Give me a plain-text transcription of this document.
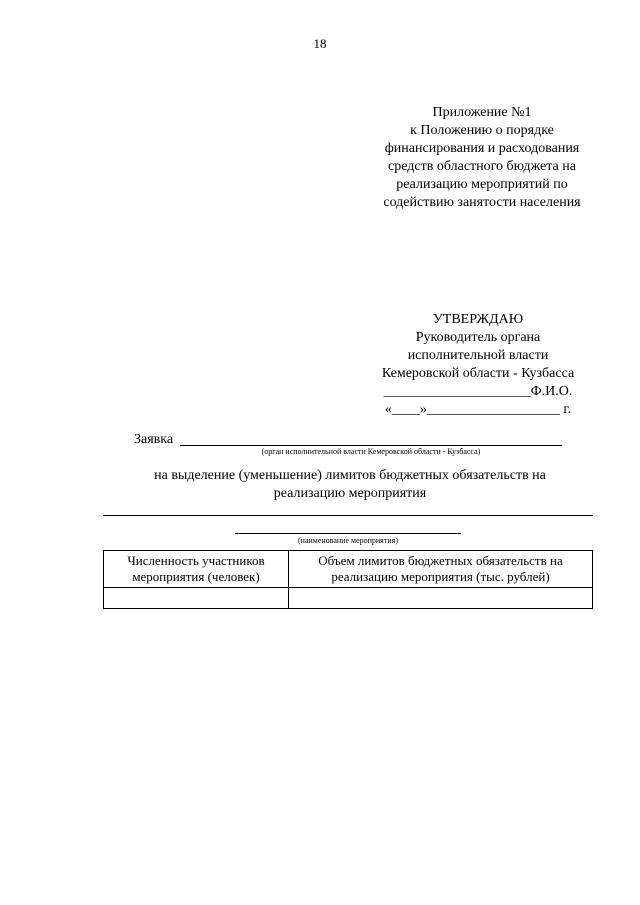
18
Приложение №1
к Положению о порядке
финансирования и расходования
средств областного бюджета на
реализацию мероприятий по
содействию занятости населения
УТВЕРЖДАЮ
Руководитель органа
исполнительной власти
Кемеровской области - Кузбасса
_____________________Ф.И.О.
«____»___________________ г.
Заявка
(орган исполнительной власти Кемеровской области - Кузбасса)
на выделение (уменьшение) лимитов бюджетных обязательств на
реализацию мероприятия
(наименование мероприятия)
Численность участников мероприятия (человек)	Объем лимитов бюджетных обязательств на реализацию мероприятия (тыс. рублей)
